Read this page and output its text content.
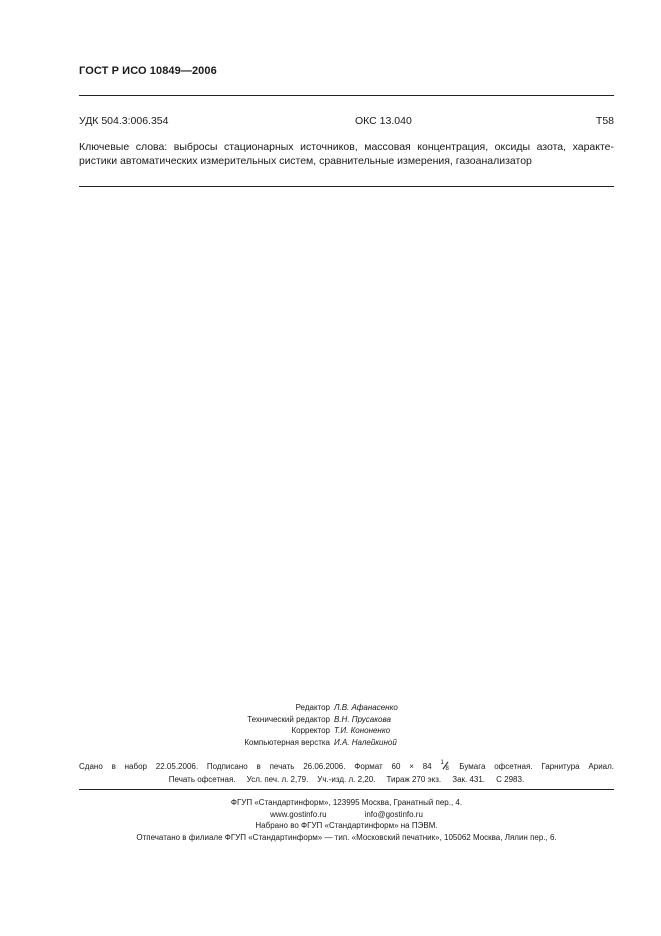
ГОСТ Р ИСО 10849—2006
УДК 504.3:006.354	ОКС 13.040	Т58
Ключевые слова: выбросы стационарных источников, массовая концентрация, оксиды азота, характе-
ристики автоматических измерительных систем, сравнительные измерения, газоанализатор
Редактор Л.В. Афанасенко
Технический редактор В.Н. Прусакова
Корректор Т.И. Кононенко
Компьютерная верстка И.А. Налейкиной
Сдано в набор 22.05.2006. Подписано в печать 26.06.2006. Формат 60 × 84 1
8 Бумага офсетная. Гарнитура Ариал.
Печать офсетная. Усл. печ. л. 2,79. Уч.-изд. л. 2,20. Тираж 270 экз. Зак. 431. С 2983.
ФГУП «Стандартинформ», 123995 Москва, Гранатный пер., 4.
www.gostinfo.ru	info@gostinfo.ru
Набрано во ФГУП «Стандартинформ» на ПЭВМ.
Отпечатано в филиале ФГУП «Стандартинформ» — тип. «Московский печатник», 105062 Москва, Лялин пер., 6.
